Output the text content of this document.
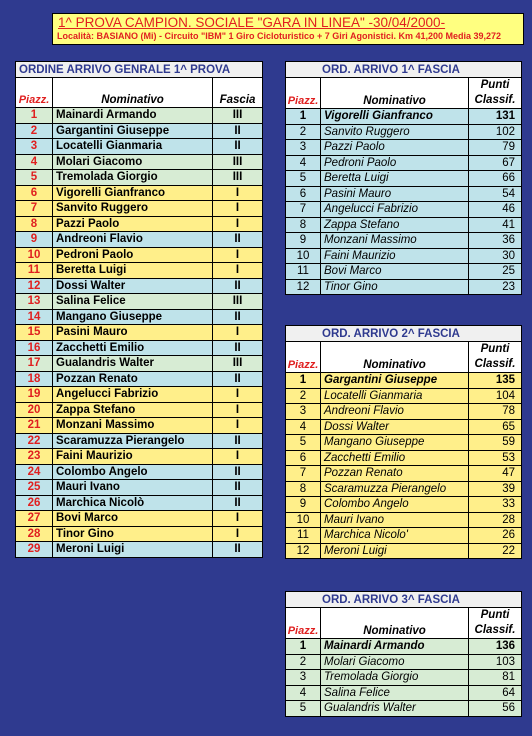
1^ PROVA CAMPION. SOCIALE "GARA IN LINEA" -30/04/2000-
Località: BASIANO (Mi) - Circuito "IBM" 1 Giro Cicloturistico + 7 Giri Agonistici. Km 41,200 Media 39,272
ORDINE ARRIVO GENRALE 1^ PROVA		
Piazz.	Nominativo	Fascia
1	Mainardi Armando	III
2	Gargantini Giuseppe	II
3	Locatelli Gianmaria	II
4	Molari Giacomo	III
5	Tremolada Giorgio	III
6	Vigorelli Gianfranco	I
7	Sanvito Ruggero	I
8	Pazzi Paolo	I
9	Andreoni Flavio	II
10	Pedroni Paolo	I
11	Beretta Luigi	I
12	Dossi Walter	II
13	Salina Felice	III
14	Mangano Giuseppe	II
15	Pasini Mauro	I
16	Zacchetti Emilio	II
17	Gualandris Walter	III
18	Pozzan Renato	II
19	Angelucci Fabrizio	I
20	Zappa Stefano	I
21	Monzani Massimo	I
22	Scaramuzza Pierangelo	II
23	Faini Maurizio	I
24	Colombo Angelo	II
25	Mauri Ivano	II
26	Marchica Nicolò	II
27	Bovi Marco	I
28	Tinor Gino	I
29	Meroni Luigi	II
ORD. ARRIVO 1^ FASCIA		
Piazz.	Nominativo	Punti
Classif.
1	Vigorelli Gianfranco	131
2	Sanvito Ruggero	102
3	Pazzi Paolo	79
4	Pedroni Paolo	67
5	Beretta Luigi	66
6	Pasini Mauro	54
7	Angelucci Fabrizio	46
8	Zappa Stefano	41
9	Monzani Massimo	36
10	Faini Maurizio	30
11	Bovi Marco	25
12	Tinor Gino	23
ORD. ARRIVO 2^ FASCIA		
Piazz.	Nominativo	Punti
Classif.
1	Gargantini Giuseppe	135
2	Locatelli Gianmaria	104
3	Andreoni Flavio	78
4	Dossi Walter	65
5	Mangano Giuseppe	59
6	Zacchetti Emilio	53
7	Pozzan Renato	47
8	Scaramuzza Pierangelo	39
9	Colombo Angelo	33
10	Mauri Ivano	28
11	Marchica Nicolo'	26
12	Meroni Luigi	22
ORD. ARRIVO 3^ FASCIA		
Piazz.	Nominativo	Punti
Classif.
1	Mainardi Armando	136
2	Molari Giacomo	103
3	Tremolada Giorgio	81
4	Salina Felice	64
5	Gualandris Walter	56
